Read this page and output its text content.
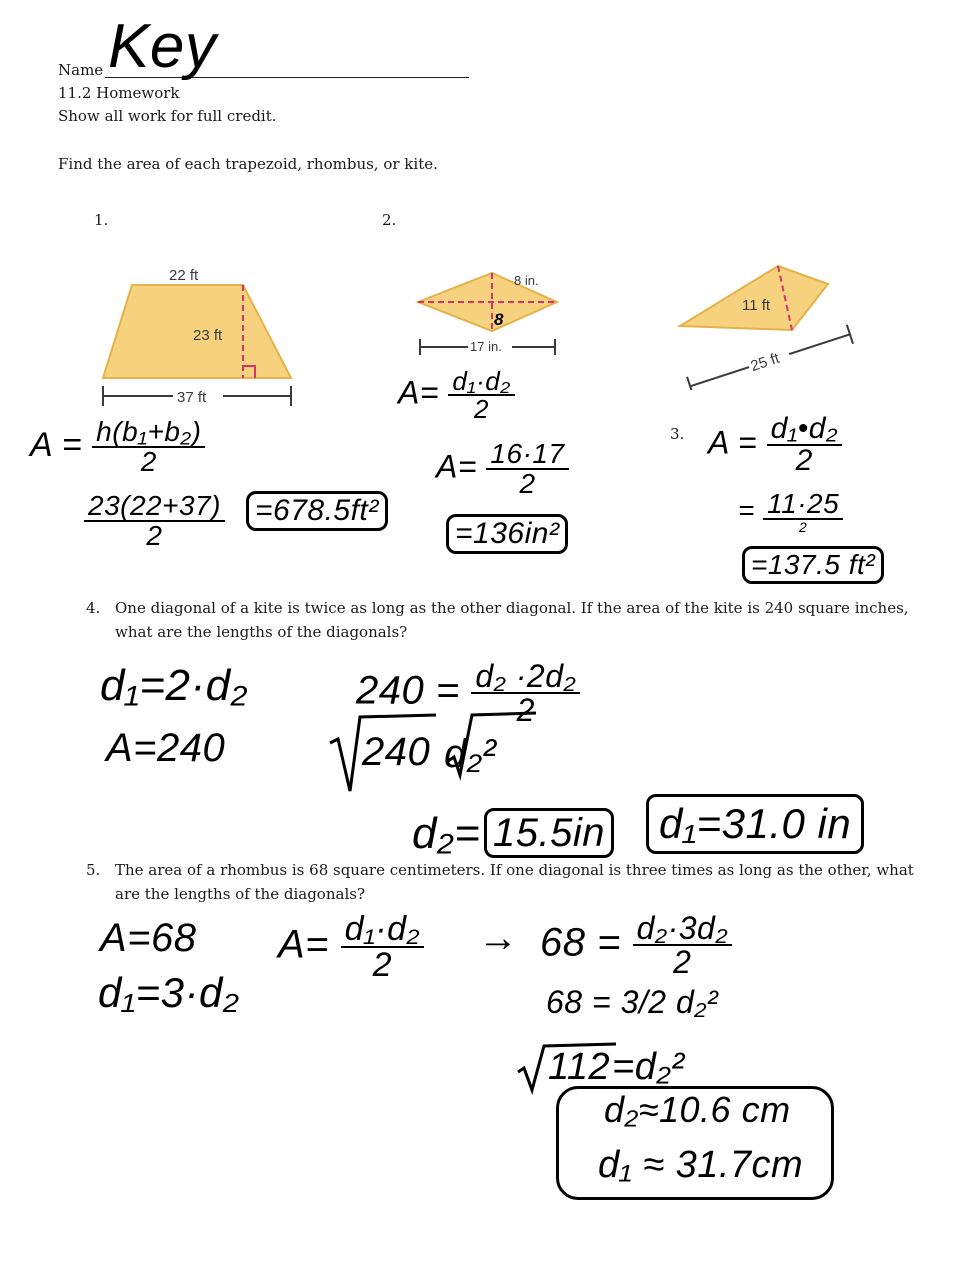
Name Key
11.2 Homework
Show all work for full credit.
Find the area of each trapezoid, rhombus, or kite.
1.	2.
3.
22 ft
23 ft
37 ft
8 in.
8
17 in.
11 ft
25 ft
$A = \frac{\text{h(b₁+b₂)}}{2}$
$\frac{23(22+37)}{2}$	=678.5ft²
$A= \frac{\text{d₁·d₂}}{2}$
$A= \frac{16\cdot 17}{2}$
=136in²
$A = \frac{\text{d₁•d₂}}{2}$
= $\frac{11\cdot 25}{2}$
=137.5 ft²
4. One diagonal of a kite is twice as long as the other diagonal. If the area of the kite is 240 square inches, what are the lengths of the diagonals?
d₁=2·d₂
A=240
$240 = \frac{\text{d₂ ·2d₂}}{2}$
240 d₂²
d₂= 15.5in	d₁=31.0 in
5. The area of a rhombus is 68 square centimeters. If one diagonal is three times as long as the other, what are the lengths of the diagonals?
A=68
d₁=3·d₂
$A= \frac{\text{d₁·d₂}}{2} \to 68 = \frac{\text{d₂·3d₂}}{2}$
68 = 3/2 d₂²
112 =d₂²
d₂≈10.6 cm
d₁ ≈ 31.7cm
